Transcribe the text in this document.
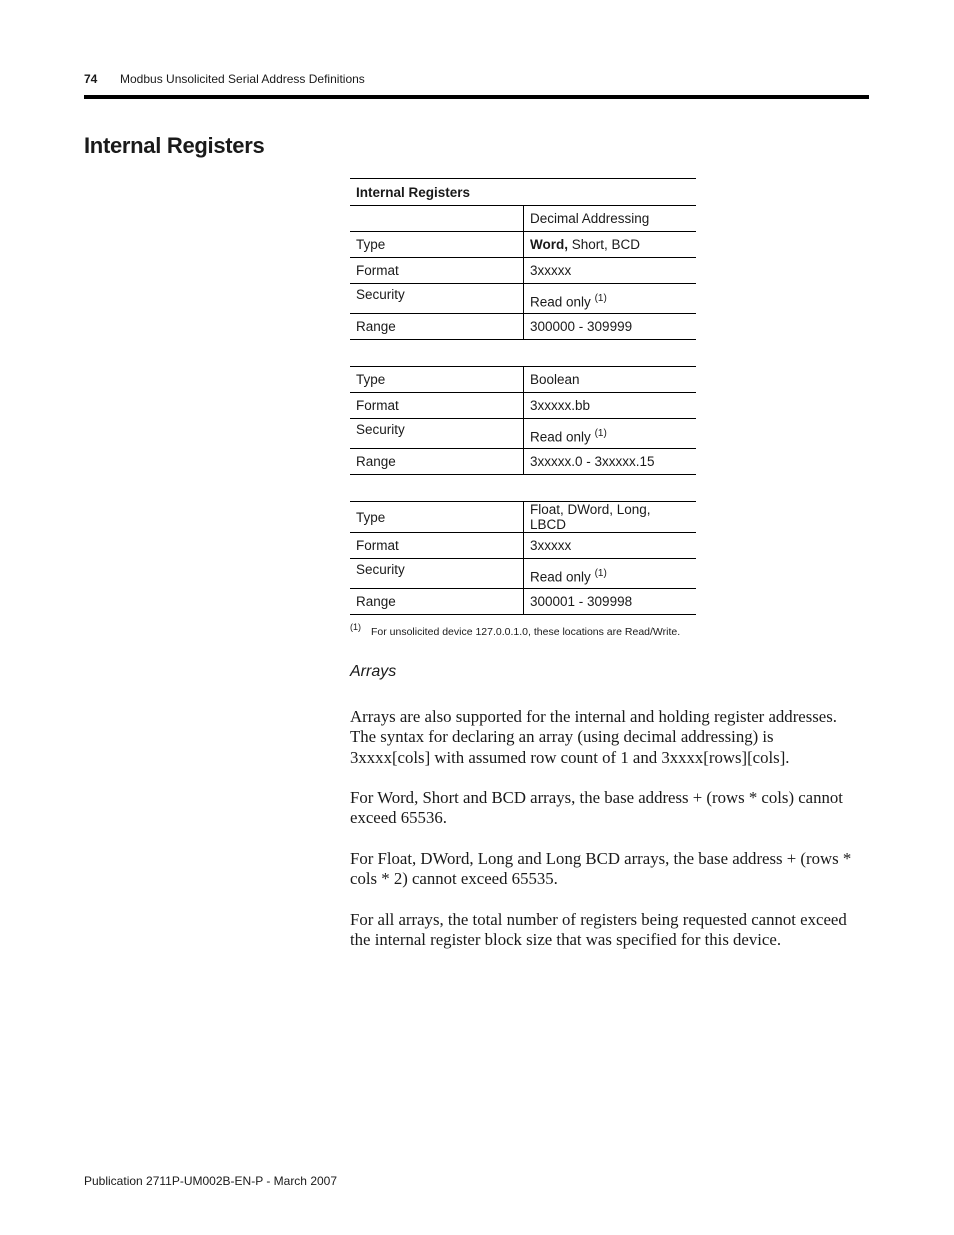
74 Modbus Unsolicited Serial Address Definitions
Internal Registers
Internal Registers	
	Decimal Addressing
Type	Word, Short, BCD
Format	3xxxxx
Security	Read only $^{(1)}$
Range	300000 - 309999
Type	Boolean
Format	3xxxxx.bb
Security	Read only $^{(1)}$
Range	3xxxxx.0 - 3xxxxx.15
Type	Float, DWord, Long, LBCD
Format	3xxxxx
Security	Read only $^{(1)}$
Range	300001 - 309998
(1) For unsolicited device 127.0.0.1.0, these locations are Read/Write.
Arrays

Arrays are also supported for the internal and holding register addresses. The syntax for declaring an array (using decimal addressing) is 3xxxx[cols] with assumed row count of 1 and 3xxxx[rows][cols].

For Word, Short and BCD arrays, the base address + (rows * cols) cannot exceed 65536.

For Float, DWord, Long and Long BCD arrays, the base address + (rows * cols * 2) cannot exceed 65535.

For all arrays, the total number of registers being requested cannot exceed the internal register block size that was specified for this device.

Publication 2711P-UM002B-EN-P - March 2007
